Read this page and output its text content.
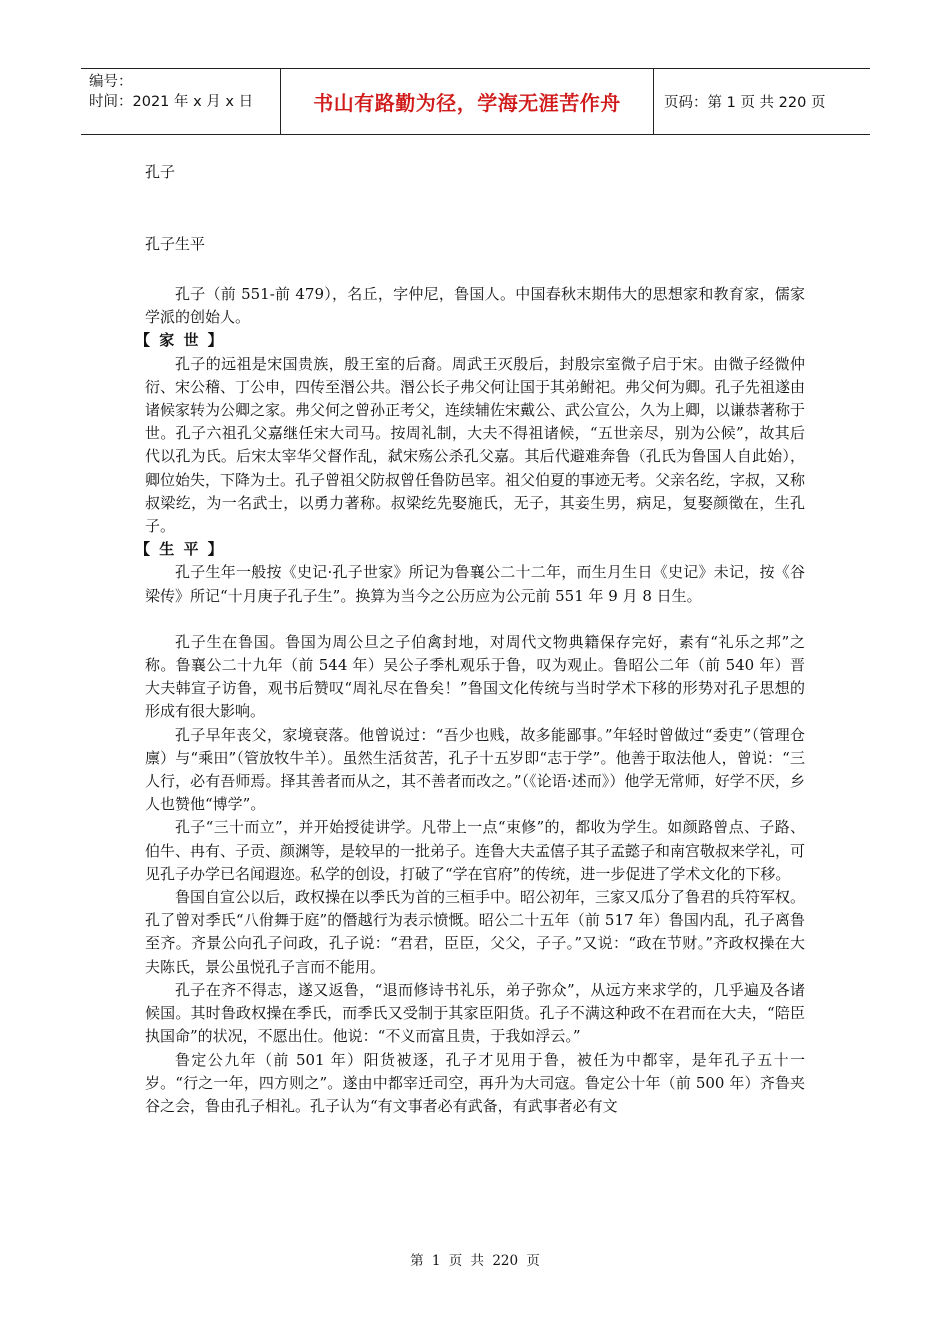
编号：
时间：2021 年 x 月 x 日	书山有路勤为径，学海无涯苦作舟	页码：第 1 页 共 220 页
孔子
孔子生平

孔子（前 551-前 479），名丘，字仲尼，鲁国人。中国春秋末期伟大的思想家和教育家，儒家学派的创始人。

【 家 世 】

孔子的远祖是宋国贵族，殷王室的后裔。周武王灭殷后，封殷宗室微子启于宋。由微子经微仲衍、宋公稽、丁公申，四传至湣公共。湣公长子弗父何让国于其弟鲋祀。弗父何为卿。孔子先祖遂由诸候家转为公卿之家。弗父何之曾孙正考父，连续辅佐宋戴公、武公宣公，久为上卿，以谦恭著称于世。孔子六祖孔父嘉继任宋大司马。按周礼制，大夫不得祖诸候，“五世亲尽，别为公候”，故其后代以孔为氏。后宋太宰华父督作乱，弑宋殇公杀孔父嘉。其后代避难奔鲁（孔氏为鲁国人自此始），卿位始失，下降为士。孔子曾祖父防叔曾任鲁防邑宰。祖父伯夏的事迹无考。父亲名纥，字叔，又称叔梁纥，为一名武士，以勇力著称。叔梁纥先娶施氏，无子，其妾生男，病足，复娶颜徵在，生孔子。

【 生 平 】

孔子生年一般按《史记·孔子世家》所记为鲁襄公二十二年，而生月生日《史记》未记，按《谷梁传》所记“十月庚子孔子生”。换算为当今之公历应为公元前 551 年 9 月 8 日生。

孔子生在鲁国。鲁国为周公旦之子伯禽封地，对周代文物典籍保存完好，素有“礼乐之邦”之称。鲁襄公二十九年（前 544 年）吴公子季札观乐于鲁，叹为观止。鲁昭公二年（前 540 年）晋大夫韩宣子访鲁，观书后赞叹“周礼尽在鲁矣！”鲁国文化传统与当时学术下移的形势对孔子思想的形成有很大影响。

孔子早年丧父，家境衰落。他曾说过：“吾少也贱，故多能鄙事。”年轻时曾做过“委吏”（管理仓廪）与“乘田”（管放牧牛羊）。虽然生活贫苦，孔子十五岁即“志于学”。他善于取法他人，曾说：“三人行，必有吾师焉。择其善者而从之，其不善者而改之。”（《论语·述而》）他学无常师，好学不厌，乡人也赞他“博学”。

孔子“三十而立”，并开始授徒讲学。凡带上一点“束修”的，都收为学生。如颜路曾点、子路、伯牛、冉有、子贡、颜渊等，是较早的一批弟子。连鲁大夫孟僖子其子孟懿子和南宫敬叔来学礼，可见孔子办学已名闻遐迩。私学的创设，打破了“学在官府”的传统，进一步促进了学术文化的下移。

鲁国自宣公以后，政权操在以季氏为首的三桓手中。昭公初年，三家又瓜分了鲁君的兵符军权。孔了曾对季氏“八佾舞于庭”的僭越行为表示愤慨。昭公二十五年（前 517 年）鲁国内乱，孔子离鲁至齐。齐景公向孔子问政，孔子说：“君君，臣臣，父父，子子。”又说：“政在节财。”齐政权操在大夫陈氏，景公虽悦孔子言而不能用。

孔子在齐不得志，遂又返鲁，“退而修诗书礼乐，弟子弥众”，从远方来求学的，几乎遍及各诸候国。其时鲁政权操在季氏，而季氏又受制于其家臣阳货。孔子不满这种政不在君而在大夫，“陪臣执国命”的状况，不愿出仕。他说：“不义而富且贵，于我如浮云。”

鲁定公九年（前 501 年）阳货被逐，孔子才见用于鲁，被任为中都宰，是年孔子五十一岁。“行之一年，四方则之”。遂由中都宰迁司空，再升为大司寇。鲁定公十年（前 500 年）齐鲁夹谷之会，鲁由孔子相礼。孔子认为“有文事者必有武备，有武事者必有文

第 1 页 共 220 页
